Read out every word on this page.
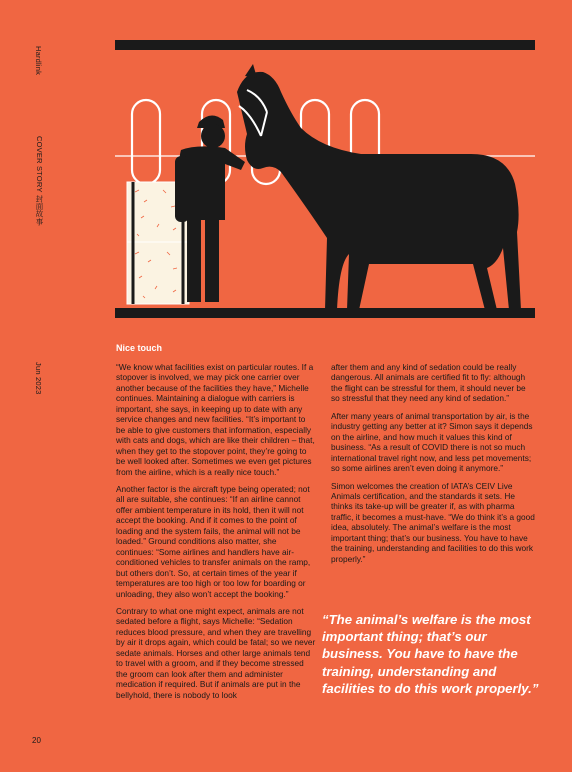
Hardlink
COVER STORY 封面故事
Jun 2023
20
Nice touch

“We know what facilities exist on particular routes. If a stopover is involved, we may pick one carrier over another because of the facilities they have,” Michelle continues. Maintaining a dialogue with carriers is important, she says, in keeping up to date with any service changes and new facilities. “It’s important to be able to give customers that information, especially with cats and dogs, which are like their children – that, when they get to the stopover point, they’re going to be well looked after. Sometimes we even get pictures from the airline, which is a really nice touch.”

Another factor is the aircraft type being operated; not all are suitable, she continues: “If an airline cannot offer ambient temperature in its hold, then it will not accept the booking. And if it comes to the point of loading and the system fails, the animal will not be loaded.” Ground conditions also matter, she continues: “Some airlines and handlers have air-conditioned vehicles to transfer animals on the ramp, but others don’t. So, at certain times of the year if temperatures are too high or too low for boarding or unloading, they also won’t accept the booking.”

Contrary to what one might expect, animals are not sedated before a flight, says Michelle: “Sedation reduces blood pressure, and when they are travelling by air it drops again, which could be fatal; so we never sedate animals. Horses and other large animals tend to travel with a groom, and if they become stressed the groom can look after them and administer medication if required. But if animals are put in the bellyhold, there is nobody to look

after them and any kind of sedation could be really dangerous. All animals are certified fit to fly: although the flight can be stressful for them, it should never be so stressful that they need any kind of sedation.”

After many years of animal transportation by air, is the industry getting any better at it? Simon says it depends on the airline, and how much it values this kind of business. “As a result of COVID there is not so much international travel right now, and less pet movements; so some airlines aren’t even doing it anymore.”

Simon welcomes the creation of IATA’s CEIV Live Animals certification, and the standards it sets. He thinks its take-up will be greater if, as with pharma traffic, it becomes a must-have. “We do think it’s a good idea, absolutely. The animal’s welfare is the most important thing; that’s our business. You have to have the training, understanding and facilities to do this work properly.”

“The animal’s welfare is the most important thing; that’s our business. You have to have the training, understanding and facilities to do this work properly.”
